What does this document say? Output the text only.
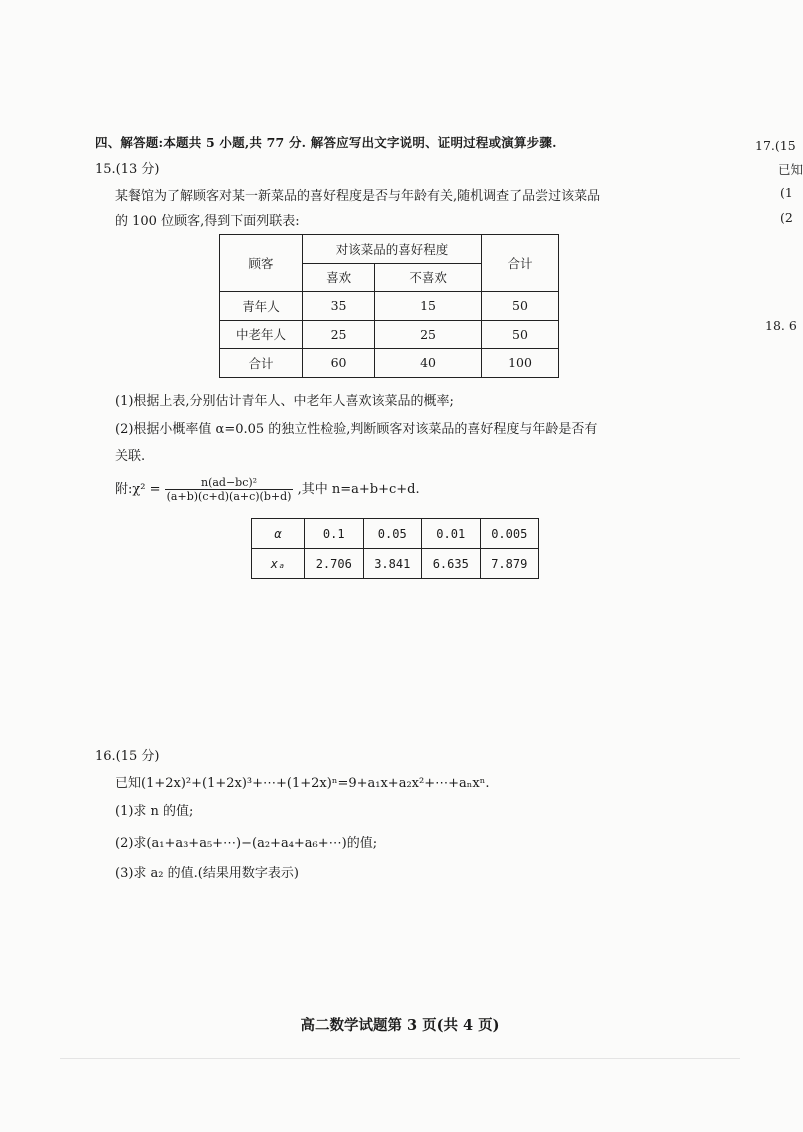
四、解答题:本题共 5 小题,共 77 分. 解答应写出文字说明、证明过程或演算步骤.
15.(13 分)
某餐馆为了解顾客对某一新菜品的喜好程度是否与年龄有关,随机调查了品尝过该菜品
的 100 位顾客,得到下面列联表:
顾客	对该菜品的喜好程度		合计
	喜欢	不喜欢	
青年人	35	15	50
中老年人	25	25	50
合计	60	40	100
(1)根据上表,分别估计青年人、中老年人喜欢该菜品的概率;
(2)根据小概率值 α=0.05 的独立性检验,判断顾客对该菜品的喜好程度与年龄是否有
关联.
附:χ² = $\frac{\text{n(ad−bc)²}}{(a+b)(c+d)(a+c)(b+d)}$ ,其中 n=a+b+c+d.
α	0.1	0.05	0.01	0.005
xₐ	2.706	3.841	6.635	7.879
16.(15 分)
已知(1+2x)²+(1+2x)³+⋯+(1+2x)ⁿ=9+a₁x+a₂x²+⋯+aₙxⁿ.
(1)求 n 的值;
(2)求(a₁+a₃+a₅+⋯)−(a₂+a₄+a₆+⋯)的值;
(3)求 a₂ 的值.(结果用数字表示)
17.(15
已知
(1
(2
18. 6
高二数学试题第 3 页(共 4 页)
